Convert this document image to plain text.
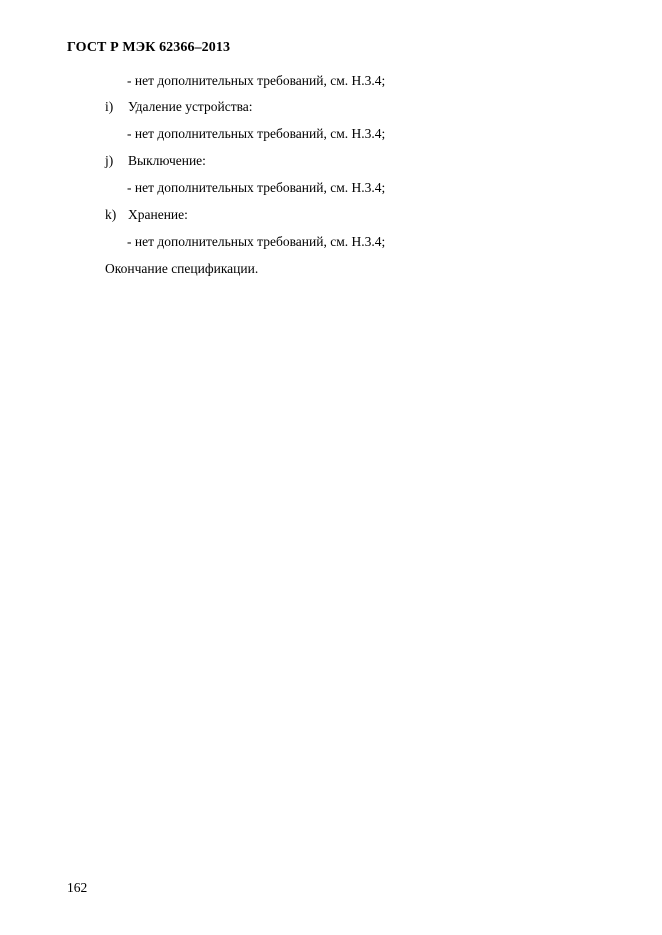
ГОСТ Р МЭК 62366–2013
- нет дополнительных требований, см. H.3.4;
i) Удаление устройства:
- нет дополнительных требований, см. H.3.4;
j) Выключение:
- нет дополнительных требований, см. H.3.4;
k) Хранение:
- нет дополнительных требований, см. H.3.4;
Окончание спецификации.
162
